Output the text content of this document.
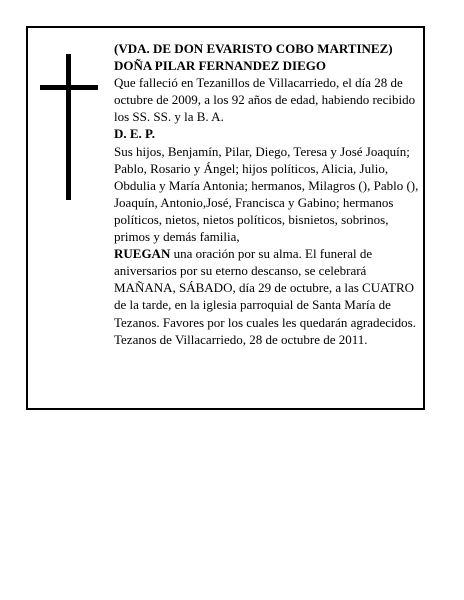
(VDA. DE DON EVARISTO COBO MARTINEZ)

DOÑA PILAR FERNANDEZ DIEGO

Que falleció en Tezanillos de Villacarriedo, el día 28 de octubre de 2009, a los 92 años de edad, habiendo recibido los SS. SS. y la B. A.

D. E. P.

Sus hijos, Benjamín, Pilar, Diego, Teresa y José Joaquín; Pablo, Rosario y Ángel; hijos políticos, Alicia, Julio, Obdulia y María Antonia; hermanos, Milagros (), Pablo (), Joaquín, Antonio,José, Francisca y Gabino; hermanos políticos, nietos, nietos políticos, bisnietos, sobrinos, primos y demás familia,

RUEGAN una oración por su alma. El funeral de aniversarios por su eterno descanso, se celebrará MAÑANA, SÁBADO, día 29 de octubre, a las CUATRO de la tarde, en la iglesia parroquial de Santa María de Tezanos. Favores por los cuales les quedarán agradecidos.

Tezanos de Villacarriedo, 28 de octubre de 2011.
